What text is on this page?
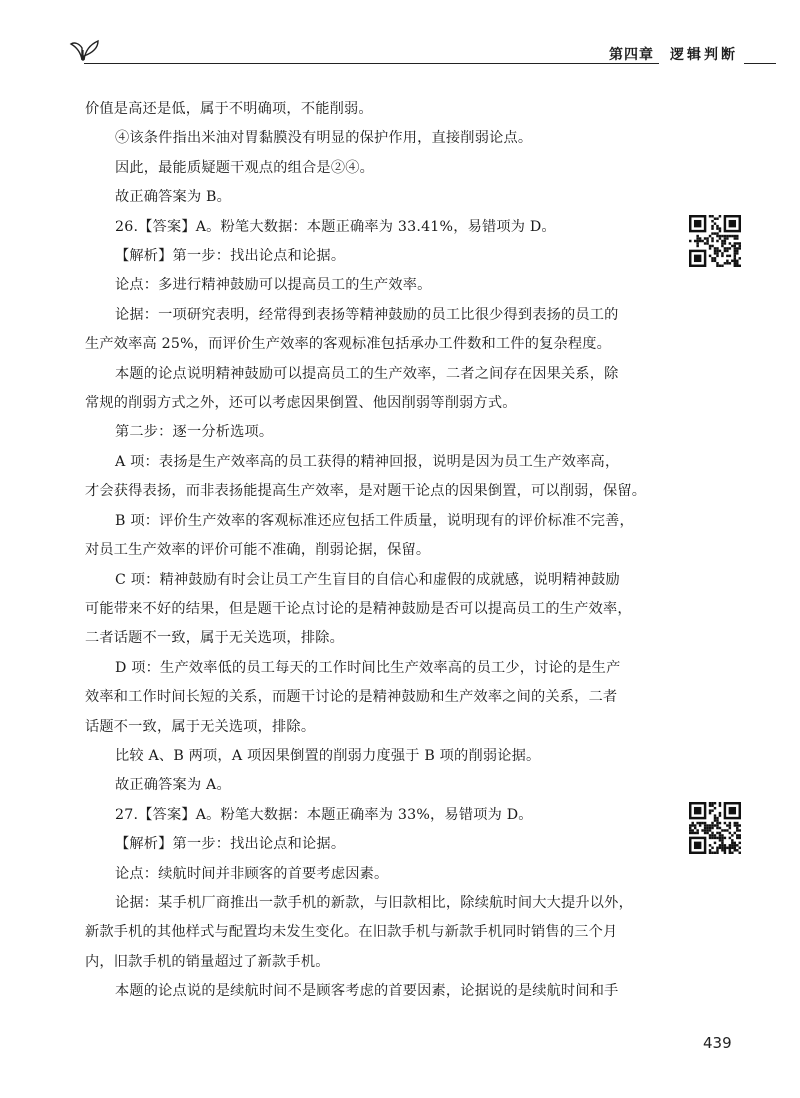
第四章 逻辑判断

价值是高还是低，属于不明确项，不能削弱。

④该条件指出米油对胃黏膜没有明显的保护作用，直接削弱论点。

因此，最能质疑题干观点的组合是②④。

故正确答案为 B。

26.【答案】A。粉笔大数据：本题正确率为 33.41%，易错项为 D。

【解析】第一步：找出论点和论据。

论点：多进行精神鼓励可以提高员工的生产效率。

论据：一项研究表明，经常得到表扬等精神鼓励的员工比很少得到表扬的员工的

生产效率高 25%，而评价生产效率的客观标准包括承办工件数和工件的复杂程度。

本题的论点说明精神鼓励可以提高员工的生产效率，二者之间存在因果关系，除

常规的削弱方式之外，还可以考虑因果倒置、他因削弱等削弱方式。

第二步：逐一分析选项。

A 项：表扬是生产效率高的员工获得的精神回报，说明是因为员工生产效率高，

才会获得表扬，而非表扬能提高生产效率，是对题干论点的因果倒置，可以削弱，保留。

B 项：评价生产效率的客观标准还应包括工件质量，说明现有的评价标准不完善，

对员工生产效率的评价可能不准确，削弱论据，保留。

C 项：精神鼓励有时会让员工产生盲目的自信心和虚假的成就感，说明精神鼓励

可能带来不好的结果，但是题干论点讨论的是精神鼓励是否可以提高员工的生产效率，

二者话题不一致，属于无关选项，排除。

D 项：生产效率低的员工每天的工作时间比生产效率高的员工少，讨论的是生产

效率和工作时间长短的关系，而题干讨论的是精神鼓励和生产效率之间的关系，二者

话题不一致，属于无关选项，排除。

比较 A、B 两项，A 项因果倒置的削弱力度强于 B 项的削弱论据。

故正确答案为 A。

27.【答案】A。粉笔大数据：本题正确率为 33%，易错项为 D。

【解析】第一步：找出论点和论据。

论点：续航时间并非顾客的首要考虑因素。

论据：某手机厂商推出一款手机的新款，与旧款相比，除续航时间大大提升以外，

新款手机的其他样式与配置均未发生变化。在旧款手机与新款手机同时销售的三个月

内，旧款手机的销量超过了新款手机。

本题的论点说的是续航时间不是顾客考虑的首要因素，论据说的是续航时间和手

439
